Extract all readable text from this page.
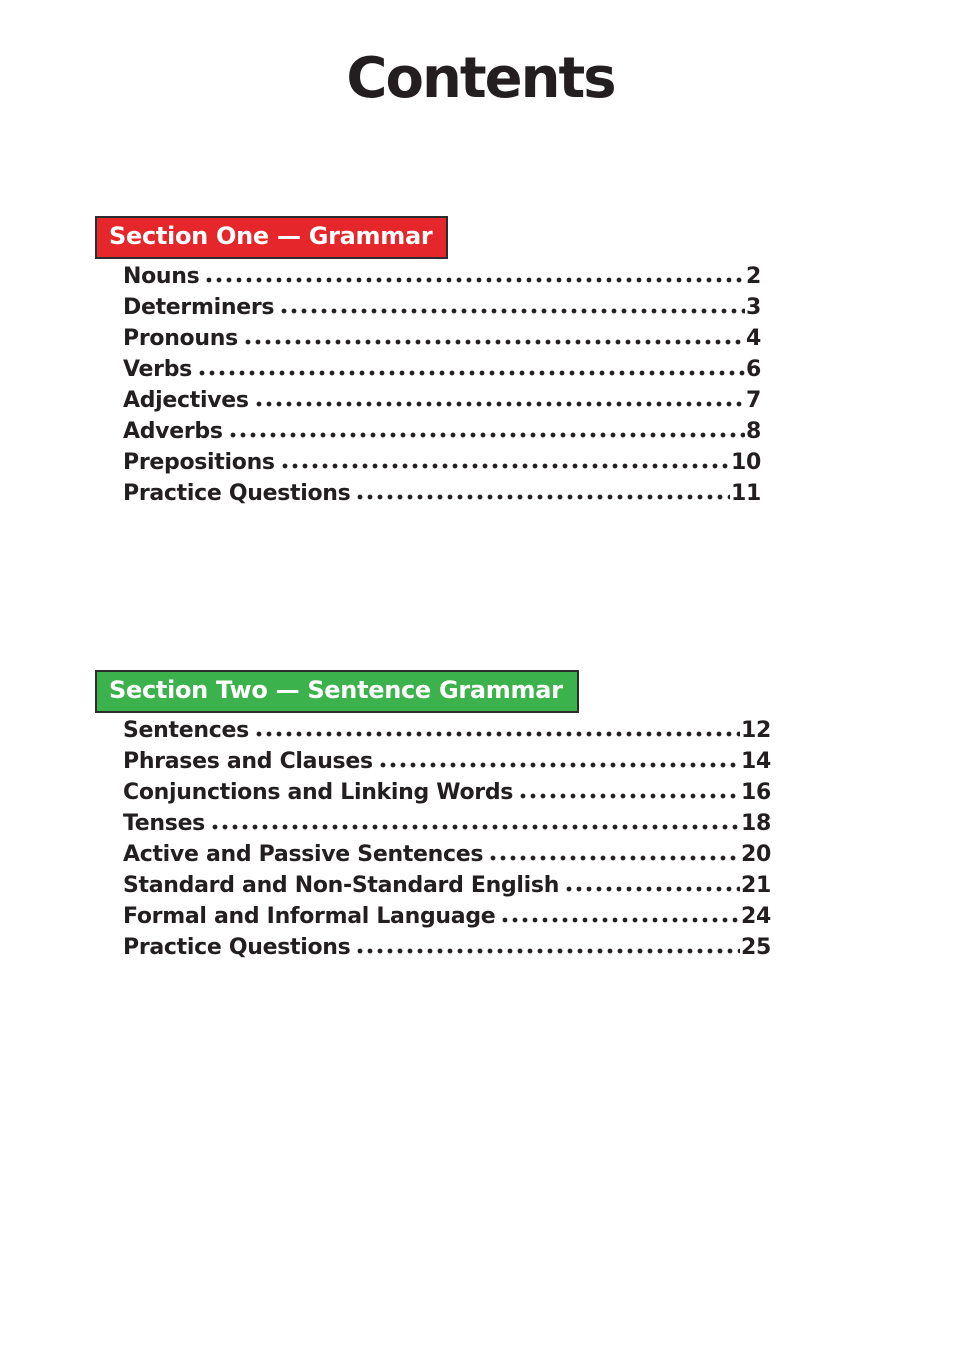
Contents
Section One — Grammar
Nouns	2
Determiners	3
Pronouns	4
Verbs	6
Adjectives	7
Adverbs	8
Prepositions	10
Practice Questions	11
Section Two — Sentence Grammar
Sentences	12
Phrases and Clauses	14
Conjunctions and Linking Words	16
Tenses	18
Active and Passive Sentences	20
Standard and Non-Standard English	21
Formal and Informal Language	24
Practice Questions	25
